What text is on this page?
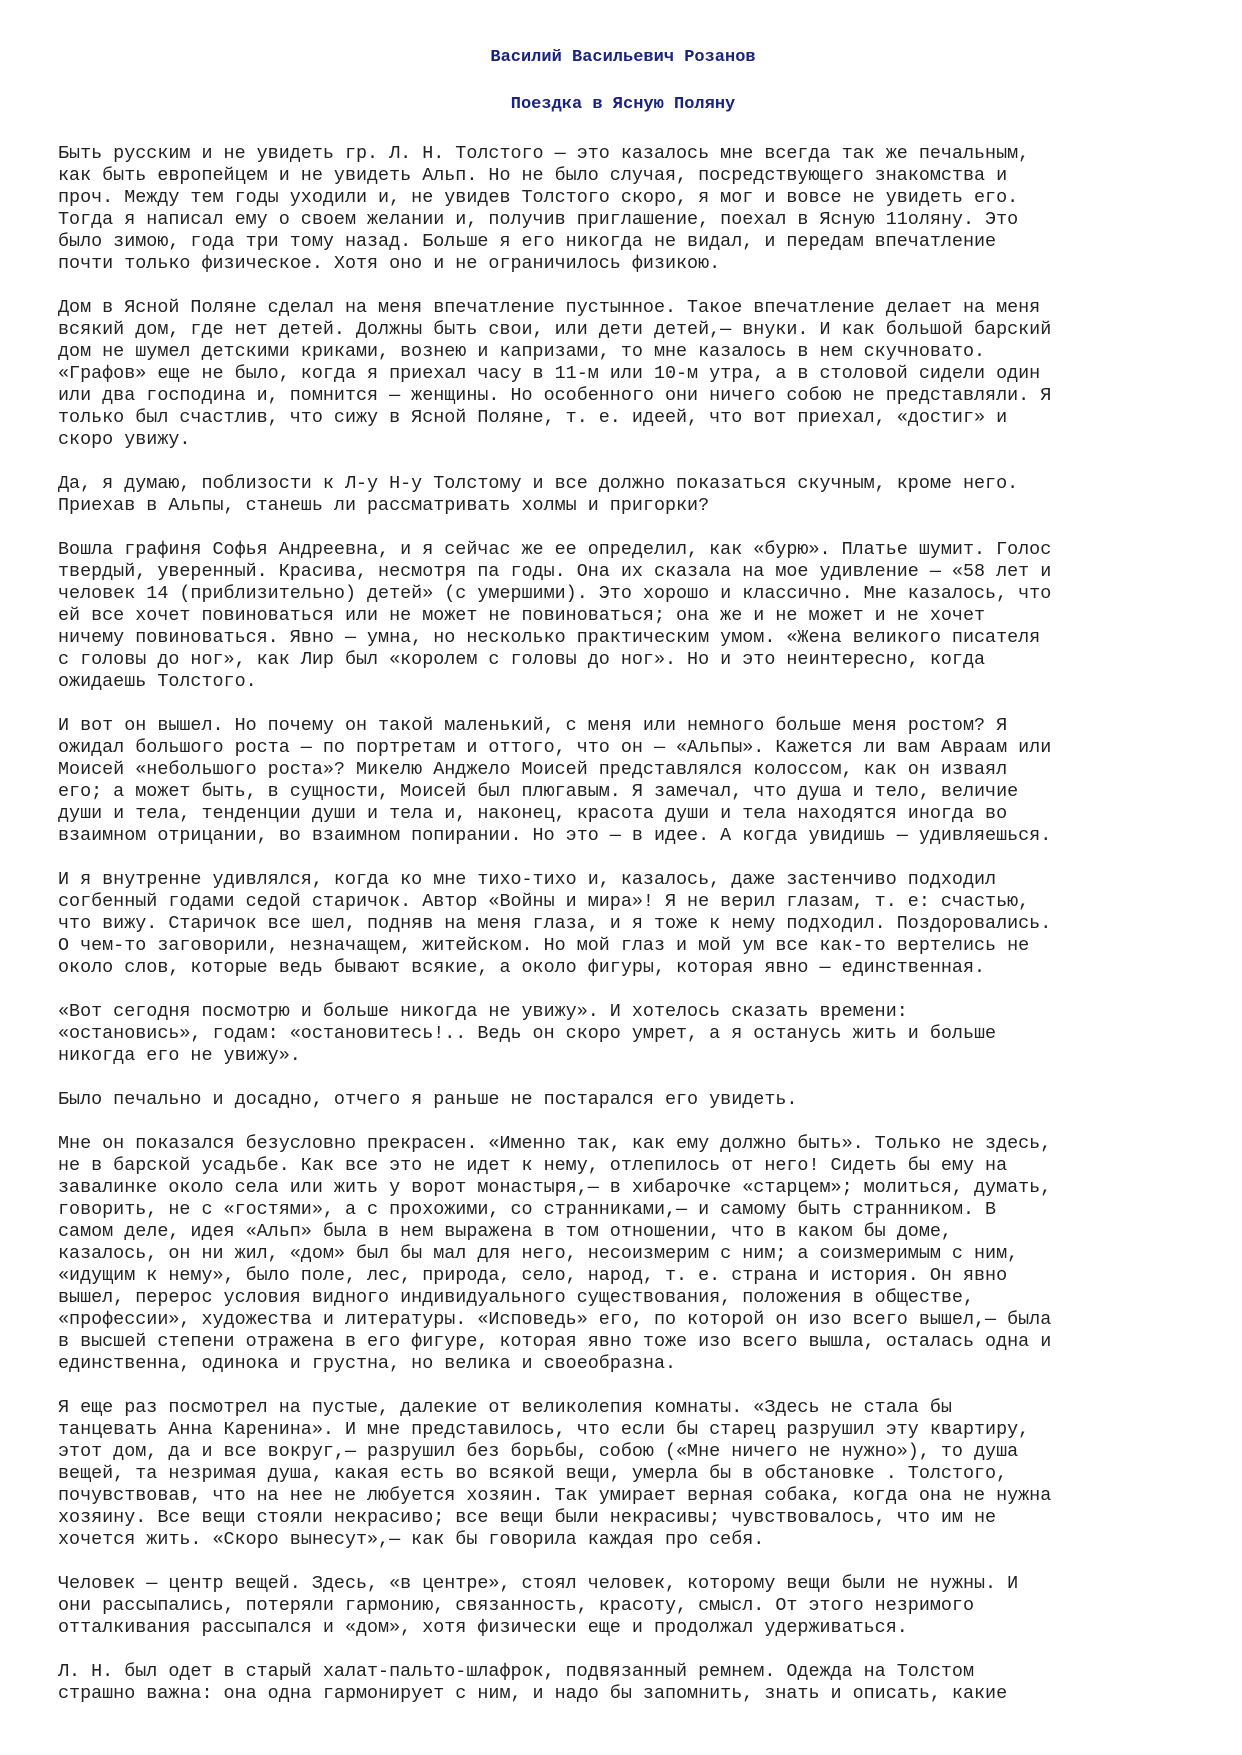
Василий Васильевич Розанов
Поездка в Ясную Поляну
Быть русским и не увидеть гр. Л. Н. Толстого — это казалось мне всегда так же печальным,
как быть европейцем и не увидеть Альп. Но не было случая, посредствующего знакомства и
проч. Между тем годы уходили и, не увидев Толстого скоро, я мог и вовсе не увидеть его.
Тогда я написал ему о своем желании и, получив приглашение, поехал в Ясную 11оляну. Это
было зимою, года три тому назад. Больше я его никогда не видал, и передам впечатление
почти только физическое. Хотя оно и не ограничилось физикою.
Дом в Ясной Поляне сделал на меня впечатление пустынное. Такое впечатление делает на меня
всякий дом, где нет детей. Должны быть свои, или дети детей,— внуки. И как большой барский
дом не шумел детскими криками, вознею и капризами, то мне казалось в нем скучновато.
«Графов» еще не было, когда я приехал часу в 11-м или 10-м утра, а в столовой сидели один
или два господина и, помнится — женщины. Но особенного они ничего собою не представляли. Я
только был счастлив, что сижу в Ясной Поляне, т. е. идеей, что вот приехал, «достиг» и
скоро увижу.
Да, я думаю, поблизости к Л-у Н-у Толстому и все должно показаться скучным, кроме него.
Приехав в Альпы, станешь ли рассматривать холмы и пригорки?
Вошла графиня Софья Андреевна, и я сейчас же ее определил, как «бурю». Платье шумит. Голос
твердый, уверенный. Красива, несмотря па годы. Она их сказала на мое удивление — «58 лет и
человек 14 (приблизительно) детей» (с умершими). Это хорошо и классично. Мне казалось, что
ей все хочет повиноваться или не может не повиноваться; она же и не может и не хочет
ничему повиноваться. Явно — умна, но несколько практическим умом. «Жена великого писателя
с головы до ног», как Лир был «королем с головы до ног». Но и это неинтересно, когда
ожидаешь Толстого.
И вот он вышел. Но почему он такой маленький, с меня или немного больше меня ростом? Я
ожидал большого роста — по портретам и оттого, что он — «Альпы». Кажется ли вам Авраам или
Моисей «небольшого роста»? Микелю Анджело Моисей представлялся колоссом, как он изваял
его; а может быть, в сущности, Моисей был плюгавым. Я замечал, что душа и тело, величие
души и тела, тенденции души и тела и, наконец, красота души и тела находятся иногда во
взаимном отрицании, во взаимном попирании. Но это — в идее. А когда увидишь — удивляешься.
И я внутренне удивлялся, когда ко мне тихо-тихо и, казалось, даже застенчиво подходил
согбенный годами седой старичок. Автор «Войны и мира»! Я не верил глазам, т. е: счастью,
что вижу. Старичок все шел, подняв на меня глаза, и я тоже к нему подходил. Поздоровались.
О чем-то заговорили, незначащем, житейском. Но мой глаз и мой ум все как-то вертелись не
около слов, которые ведь бывают всякие, а около фигуры, которая явно — единственная.
«Вот сегодня посмотрю и больше никогда не увижу». И хотелось сказать времени:
«остановись», годам: «остановитесь!.. Ведь он скоро умрет, а я останусь жить и больше
никогда его не увижу».
Было печально и досадно, отчего я раньше не постарался его увидеть.
Мне он показался безусловно прекрасен. «Именно так, как ему должно быть». Только не здесь,
не в барской усадьбе. Как все это не идет к нему, отлепилось от него! Сидеть бы ему на
завалинке около села или жить у ворот монастыря,— в хибарочке «старцем»; молиться, думать,
говорить, не с «гостями», а с прохожими, со странниками,— и самому быть странником. В
самом деле, идея «Альп» была в нем выражена в том отношении, что в каком бы доме,
казалось, он ни жил, «дом» был бы мал для него, несоизмерим с ним; а соизмеримым с ним,
«идущим к нему», было поле, лес, природа, село, народ, т. е. страна и история. Он явно
вышел, перерос условия видного индивидуального существования, положения в обществе,
«профессии», художества и литературы. «Исповедь» его, по которой он изо всего вышел,— была
в высшей степени отражена в его фигуре, которая явно тоже изо всего вышла, осталась одна и
единственна, одинока и грустна, но велика и своеобразна.
Я еще раз посмотрел на пустые, далекие от великолепия комнаты. «Здесь не стала бы
танцевать Анна Каренина». И мне представилось, что если бы старец разрушил эту квартиру,
этот дом, да и все вокруг,— разрушил без борьбы, собою («Мне ничего не нужно»), то душа
вещей, та незримая душа, какая есть во всякой вещи, умерла бы в обстановке . Толстого,
почувствовав, что на нее не любуется хозяин. Так умирает верная собака, когда она не нужна
хозяину. Все вещи стояли некрасиво; все вещи были некрасивы; чувствовалось, что им не
хочется жить. «Скоро вынесут»,— как бы говорила каждая про себя.
Человек — центр вещей. Здесь, «в центре», стоял человек, которому вещи были не нужны. И
они рассыпались, потеряли гармонию, связанность, красоту, смысл. От этого незримого
отталкивания рассыпался и «дом», хотя физически еще и продолжал удерживаться.
Л. Н. был одет в старый халат-пальто-шлафрок, подвязанный ремнем. Одежда на Толстом
страшно важна: она одна гармонирует с ним, и надо бы запомнить, знать и описать, какие
